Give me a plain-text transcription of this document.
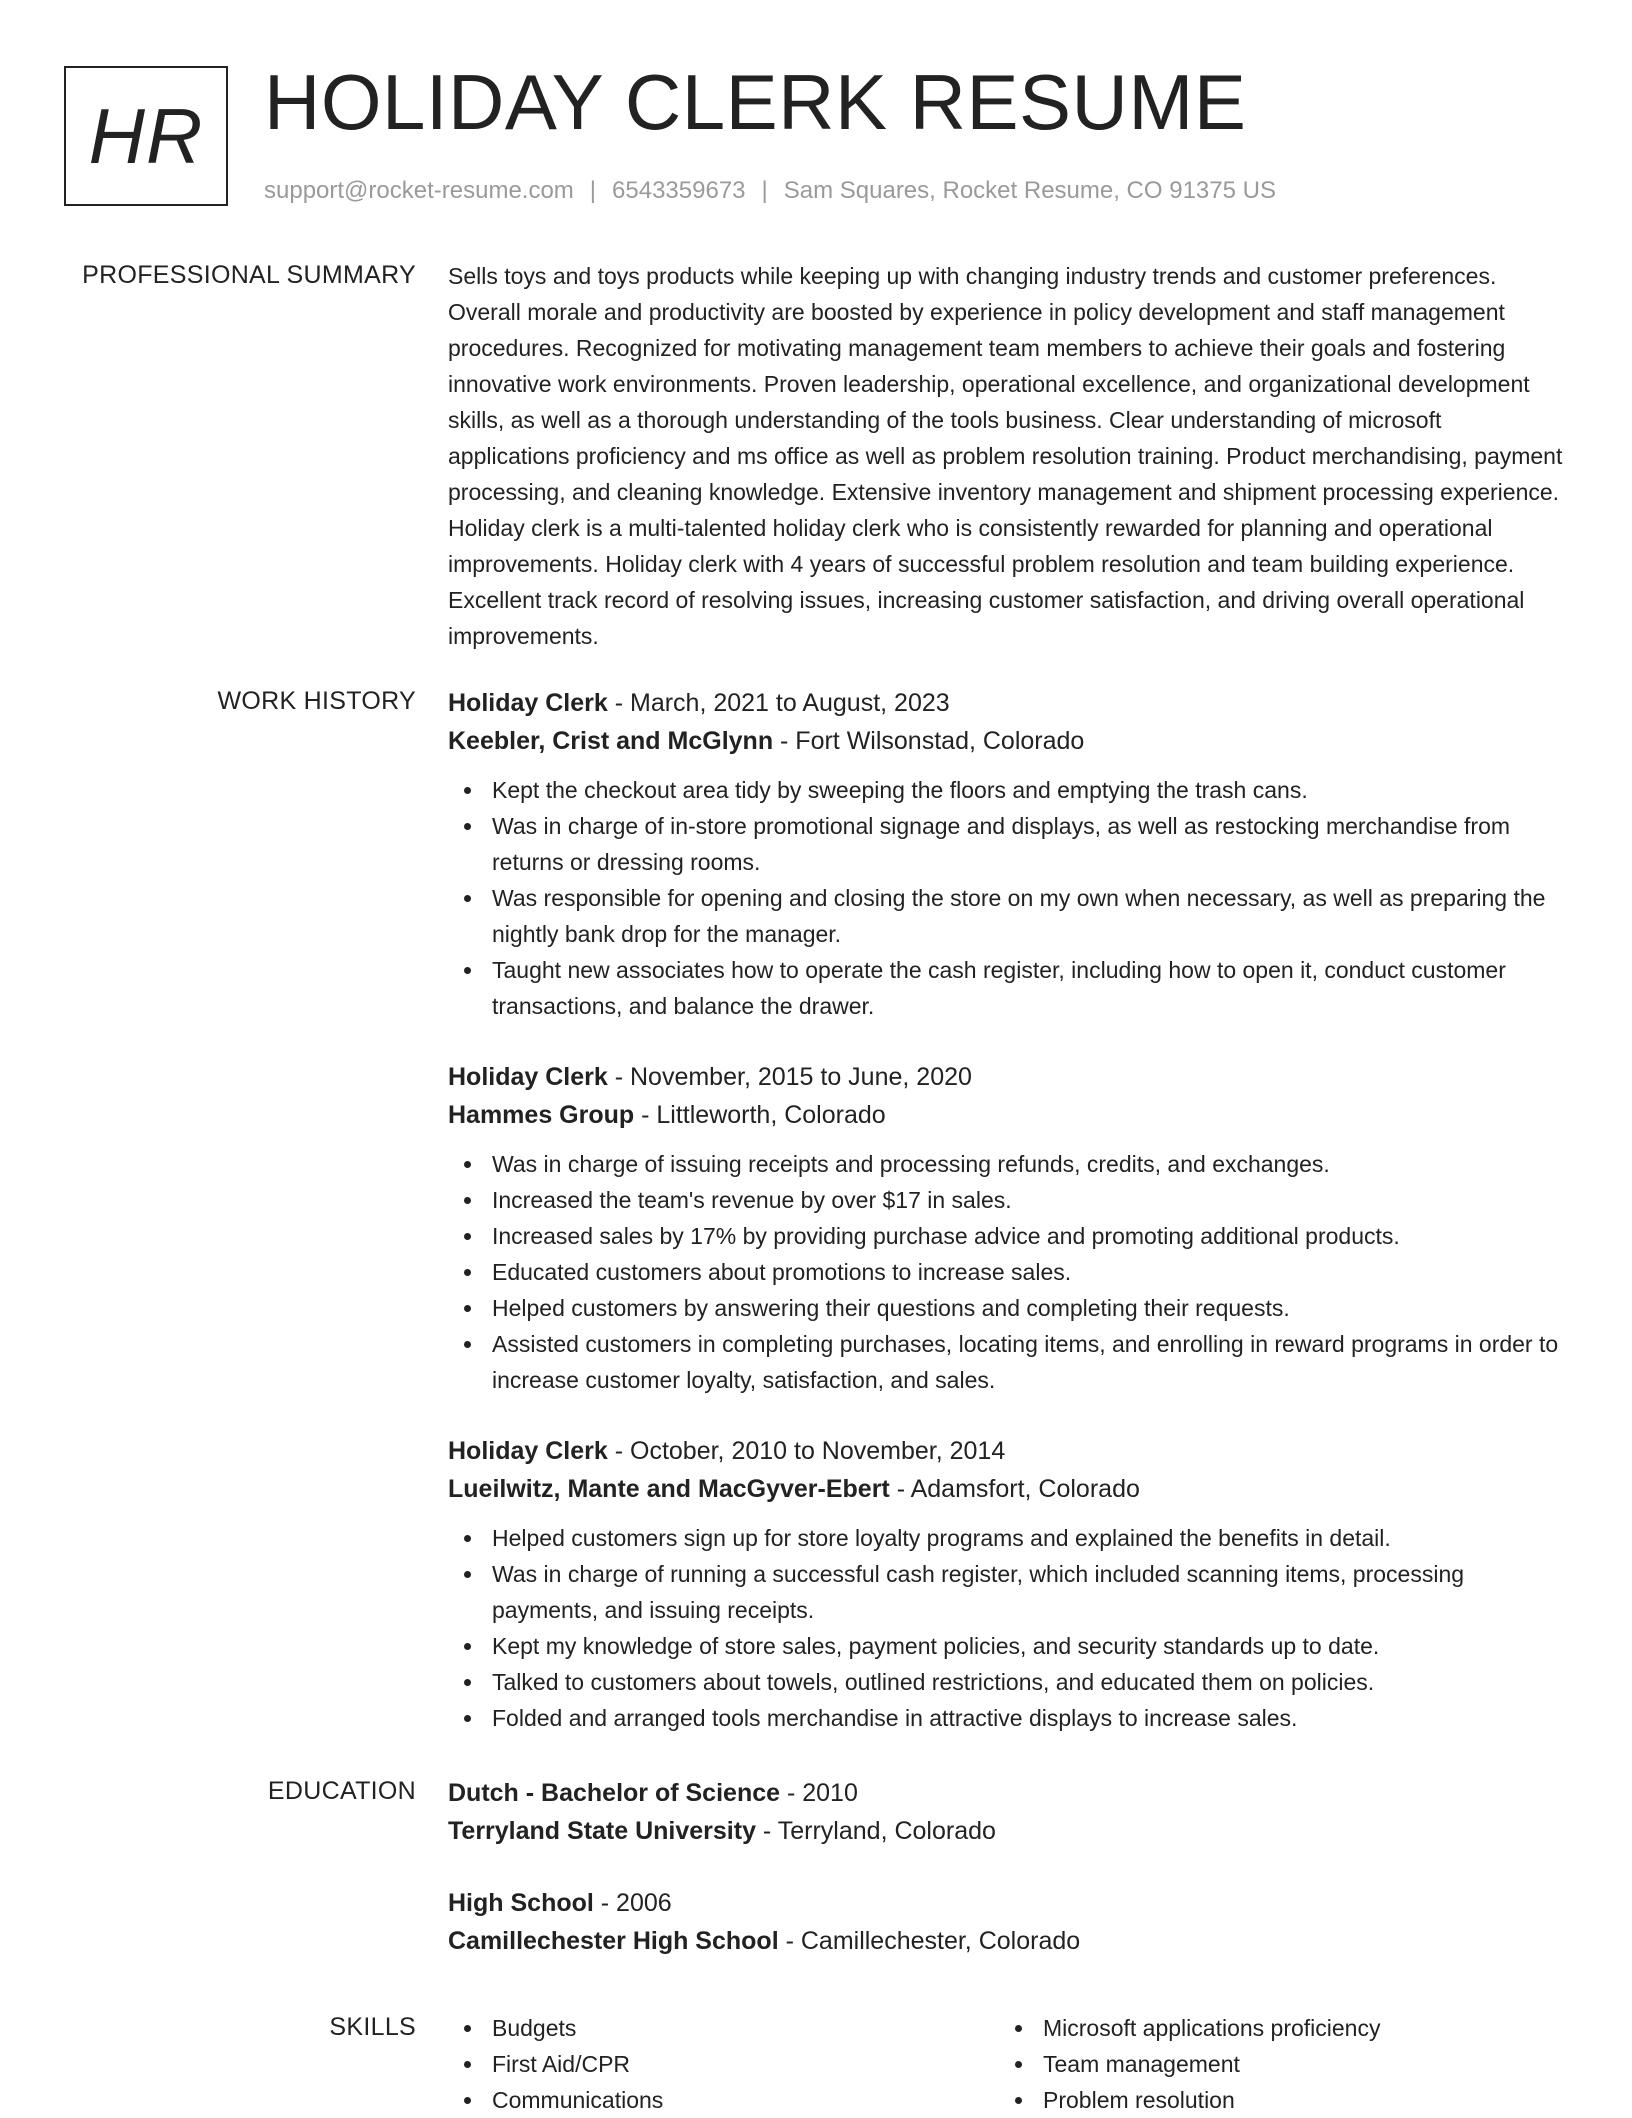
HR HOLIDAY CLERK RESUME
support@rocket-resume.com | 6543359673 | Sam Squares, Rocket Resume, CO 91375 US
PROFESSIONAL SUMMARY Sells toys and toys products while keeping up with changing industry trends and customer preferences. Overall morale and productivity are boosted by experience in policy development and staff management procedures. Recognized for motivating management team members to achieve their goals and fostering innovative work environments. Proven leadership, operational excellence, and organizational development skills, as well as a thorough understanding of the tools business. Clear understanding of microsoft applications proficiency and ms office as well as problem resolution training. Product merchandising, payment processing, and cleaning knowledge. Extensive inventory management and shipment processing experience. Holiday clerk is a multi-talented holiday clerk who is consistently rewarded for planning and operational improvements. Holiday clerk with 4 years of successful problem resolution and team building experience. Excellent track record of resolving issues, increasing customer satisfaction, and driving overall operational improvements.

WORK HISTORY Holiday Clerk - March, 2021 to August, 2023
Keebler, Crist and McGlynn - Fort Wilsonstad, Colorado
Kept the checkout area tidy by sweeping the floors and emptying the trash cans.
Was in charge of in-store promotional signage and displays, as well as restocking merchandise from returns or dressing rooms.
Was responsible for opening and closing the store on my own when necessary, as well as preparing the nightly bank drop for the manager.
Taught new associates how to operate the cash register, including how to open it, conduct customer transactions, and balance the drawer.
Holiday Clerk - November, 2015 to June, 2020
Hammes Group - Littleworth, Colorado
Was in charge of issuing receipts and processing refunds, credits, and exchanges.
Increased the team's revenue by over $17 in sales.
Increased sales by 17% by providing purchase advice and promoting additional products.
Educated customers about promotions to increase sales.
Helped customers by answering their questions and completing their requests.
Assisted customers in completing purchases, locating items, and enrolling in reward programs in order to increase customer loyalty, satisfaction, and sales.
Holiday Clerk - October, 2010 to November, 2014
Lueilwitz, Mante and MacGyver-Ebert - Adamsfort, Colorado
Helped customers sign up for store loyalty programs and explained the benefits in detail.
Was in charge of running a successful cash register, which included scanning items, processing payments, and issuing receipts.
Kept my knowledge of store sales, payment policies, and security standards up to date.
Talked to customers about towels, outlined restrictions, and educated them on policies.
Folded and arranged tools merchandise in attractive displays to increase sales.
EDUCATION Dutch - Bachelor of Science - 2010
Terryland State University - Terryland, Colorado
High School - 2006
Camillechester High School - Camillechester, Colorado
SKILLS	Budgets
First Aid/CPR
Communications
Microsoft applications proficiency
Team management
Problem resolution
